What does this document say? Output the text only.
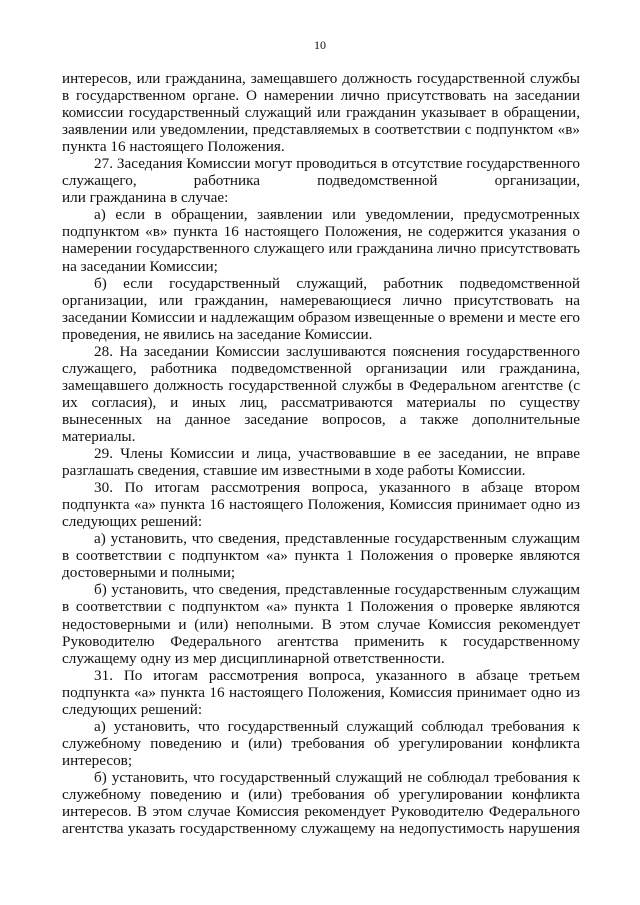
10

интересов, или гражданина, замещавшего должность государственной службы в государственном органе. О намерении лично присутствовать на заседании комиссии государственный служащий или гражданин указывает в обращении, заявлении или уведомлении, представляемых в соответствии с подпунктом «в» пункта 16 настоящего Положения.

27. Заседания Комиссии могут проводиться в отсутствие государственного служащего, работника подведомственной организации,

или гражданина в случае:

а) если в обращении, заявлении или уведомлении, предусмотренных подпунктом «в» пункта 16 настоящего Положения, не содержится указания о намерении государственного служащего или гражданина лично присутствовать на заседании Комиссии;

б) если государственный служащий, работник подведомственной организации, или гражданин, намеревающиеся лично присутствовать на заседании Комиссии и надлежащим образом извещенные о времени и месте его проведения, не явились на заседание Комиссии.

28. На заседании Комиссии заслушиваются пояснения государственного служащего, работника подведомственной организации или гражданина, замещавшего должность государственной службы в Федеральном агентстве (с их согласия), и иных лиц, рассматриваются материалы по существу вынесенных на данное заседание вопросов, а также дополнительные материалы.

29. Члены Комиссии и лица, участвовавшие в ее заседании, не вправе разглашать сведения, ставшие им известными в ходе работы Комиссии.

30. По итогам рассмотрения вопроса, указанного в абзаце втором подпункта «а» пункта 16 настоящего Положения, Комиссия принимает одно из следующих решений:

а) установить, что сведения, представленные государственным служащим в соответствии с подпунктом «а» пункта 1 Положения о проверке являются достоверными и полными;

б) установить, что сведения, представленные государственным служащим в соответствии с подпунктом «а» пункта 1 Положения о проверке являются недостоверными и (или) неполными. В этом случае Комиссия рекомендует Руководителю Федерального агентства применить к государственному служащему одну из мер дисциплинарной ответственности.

31. По итогам рассмотрения вопроса, указанного в абзаце третьем подпункта «а» пункта 16 настоящего Положения, Комиссия принимает одно из следующих решений:

а) установить, что государственный служащий соблюдал требования к служебному поведению и (или) требования об урегулировании конфликта интересов;

б) установить, что государственный служащий не соблюдал требования к служебному поведению и (или) требования об урегулировании конфликта интересов. В этом случае Комиссия рекомендует Руководителю Федерального агентства указать государственному служащему на недопустимость нарушения
